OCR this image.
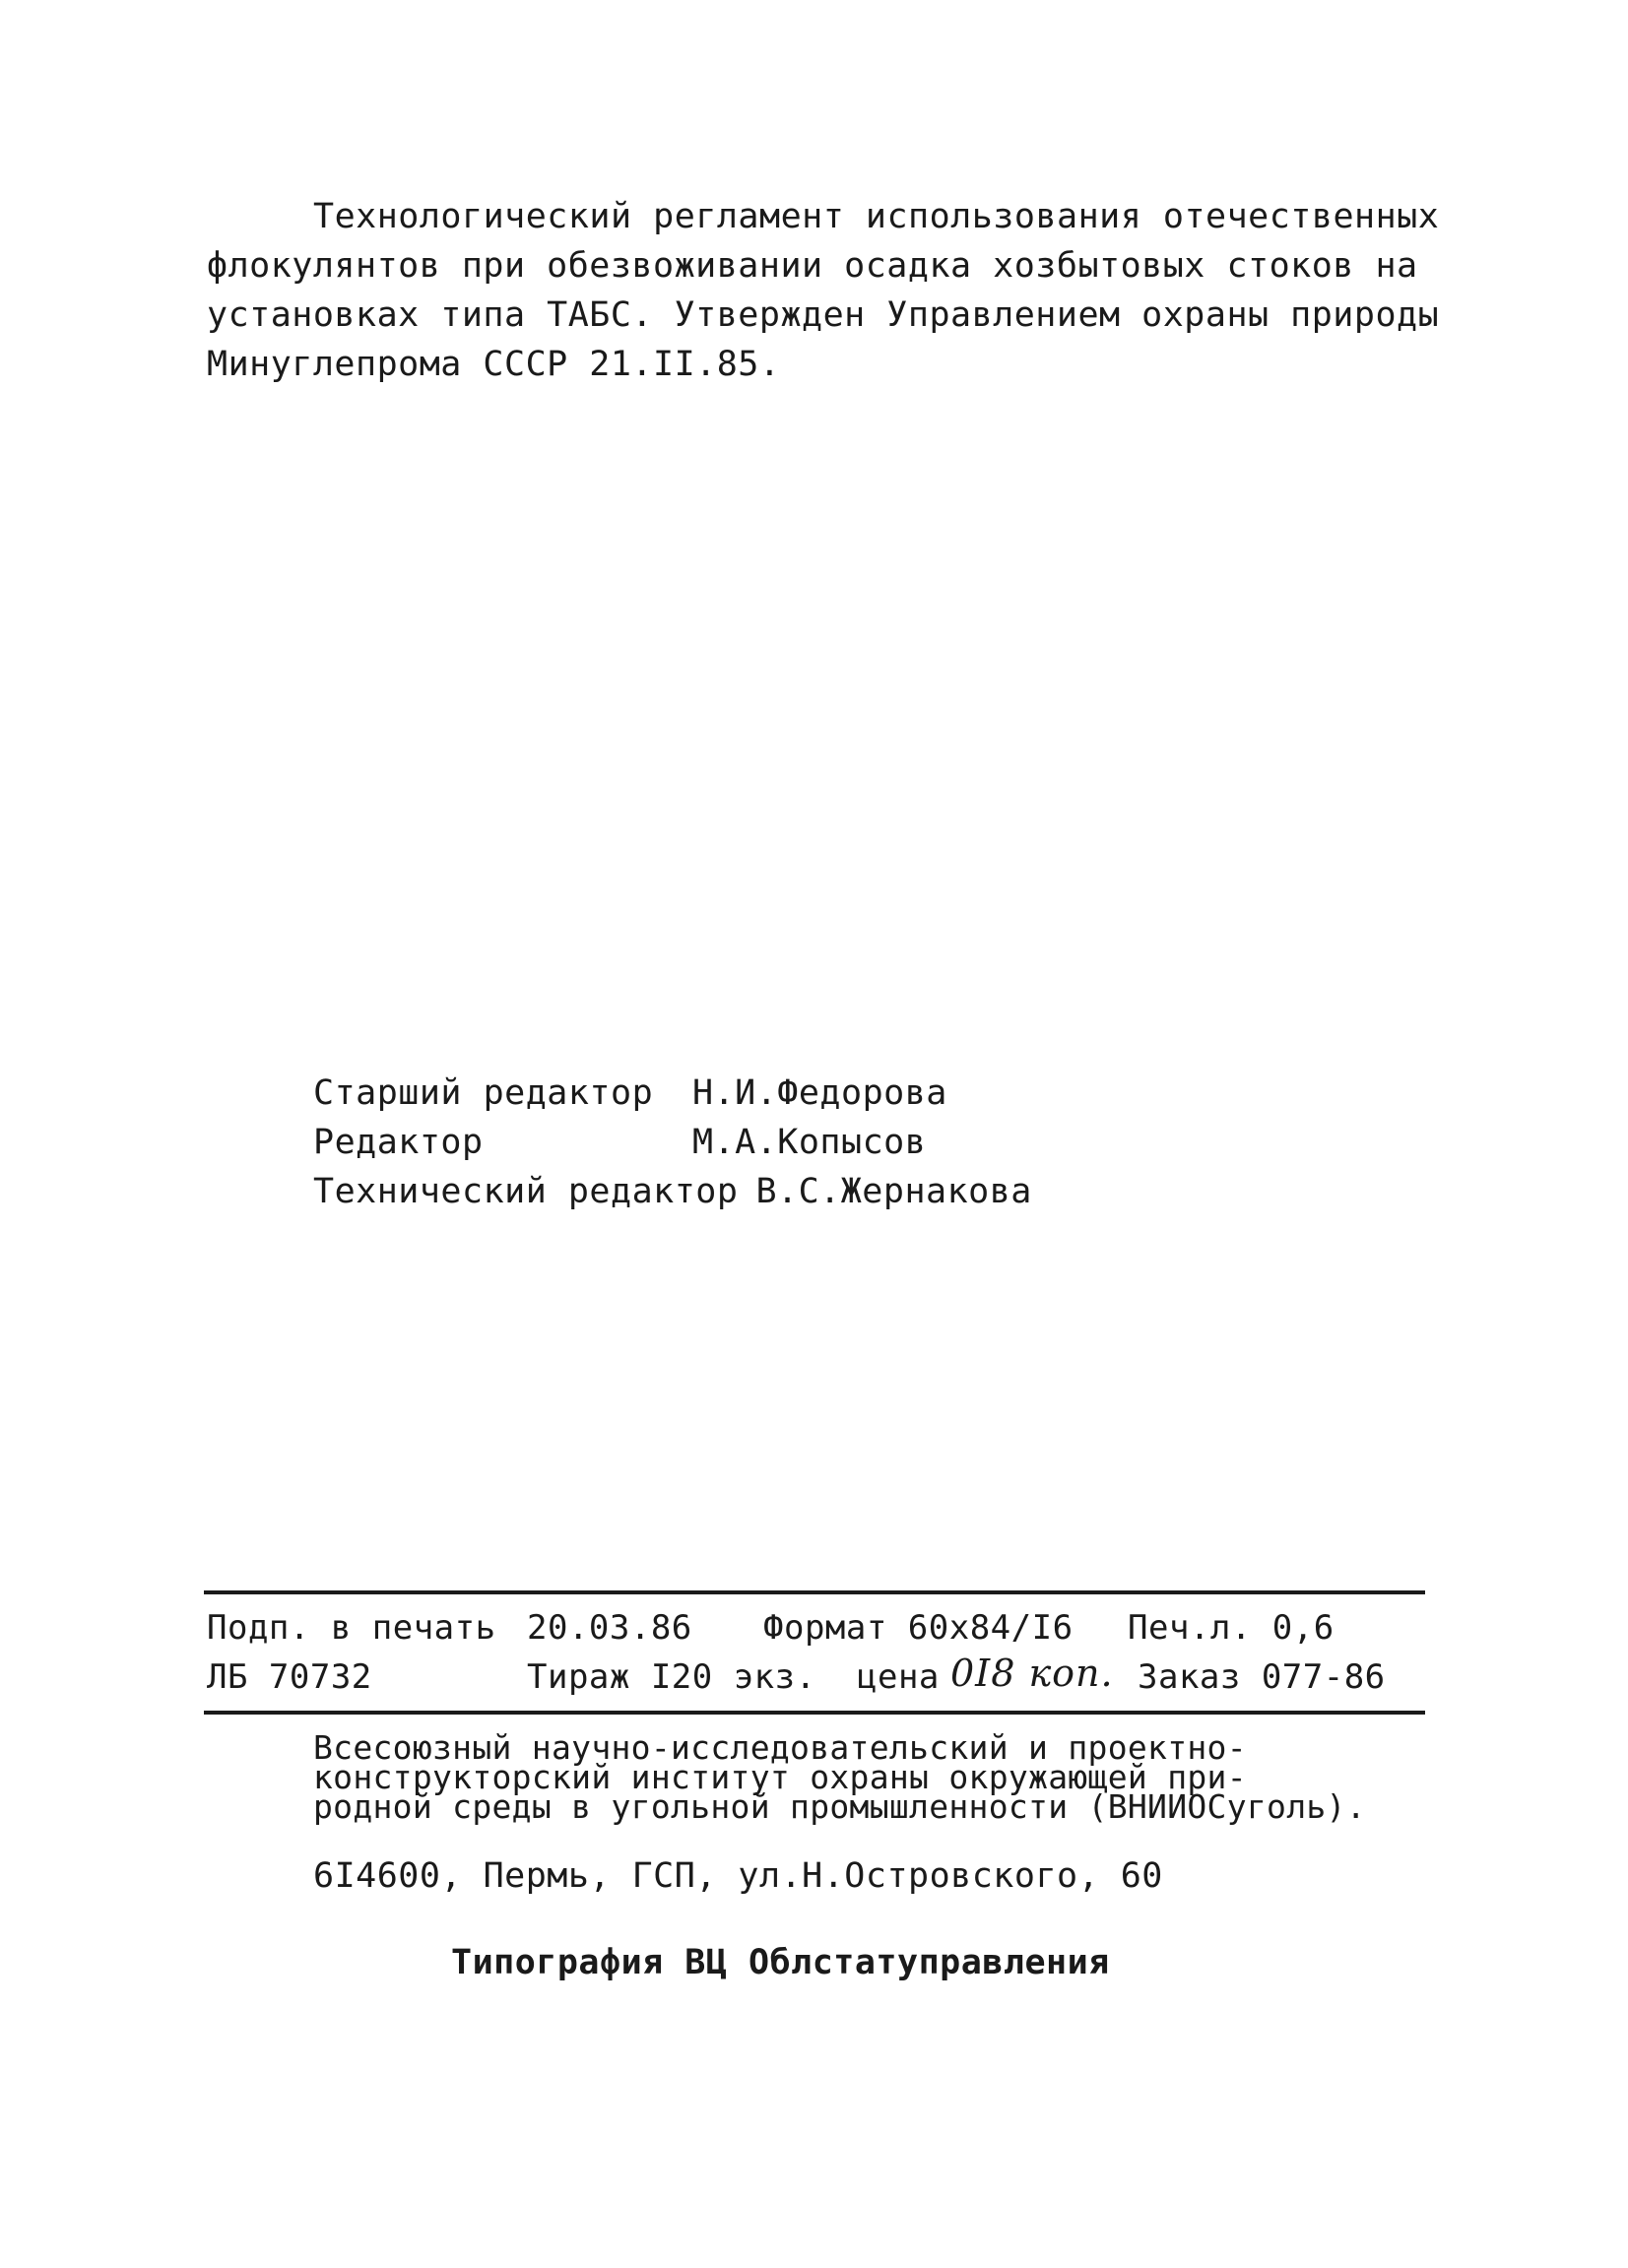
Технологический регламент использования отечественных
флокулянтов при обезвоживании осадка хозбытовых стоков на
установках типа ТАБС. Утвержден Управлением охраны природы
Минуглепрома СССР 21.II.85.
Старший редактор	Н.И.Федорова
Редактор	М.А.Копысов
Технический редактор В.С.Жернакова
Подп. в печать 20.03.86 Формат 60x84/I6 Печ.л. 0,6
ЛБ 70732	Тираж I20 экз. цена 0I8 коп. Заказ 077-86
Всесоюзный научно-исследовательский и проектно-
конструкторский институт охраны окружающей при-
родной среды в угольной промышленности (ВНИИОСуголь).
6I4600, Пермь, ГСП, ул.Н.Островского, 60
Типография ВЦ Облстатуправления
